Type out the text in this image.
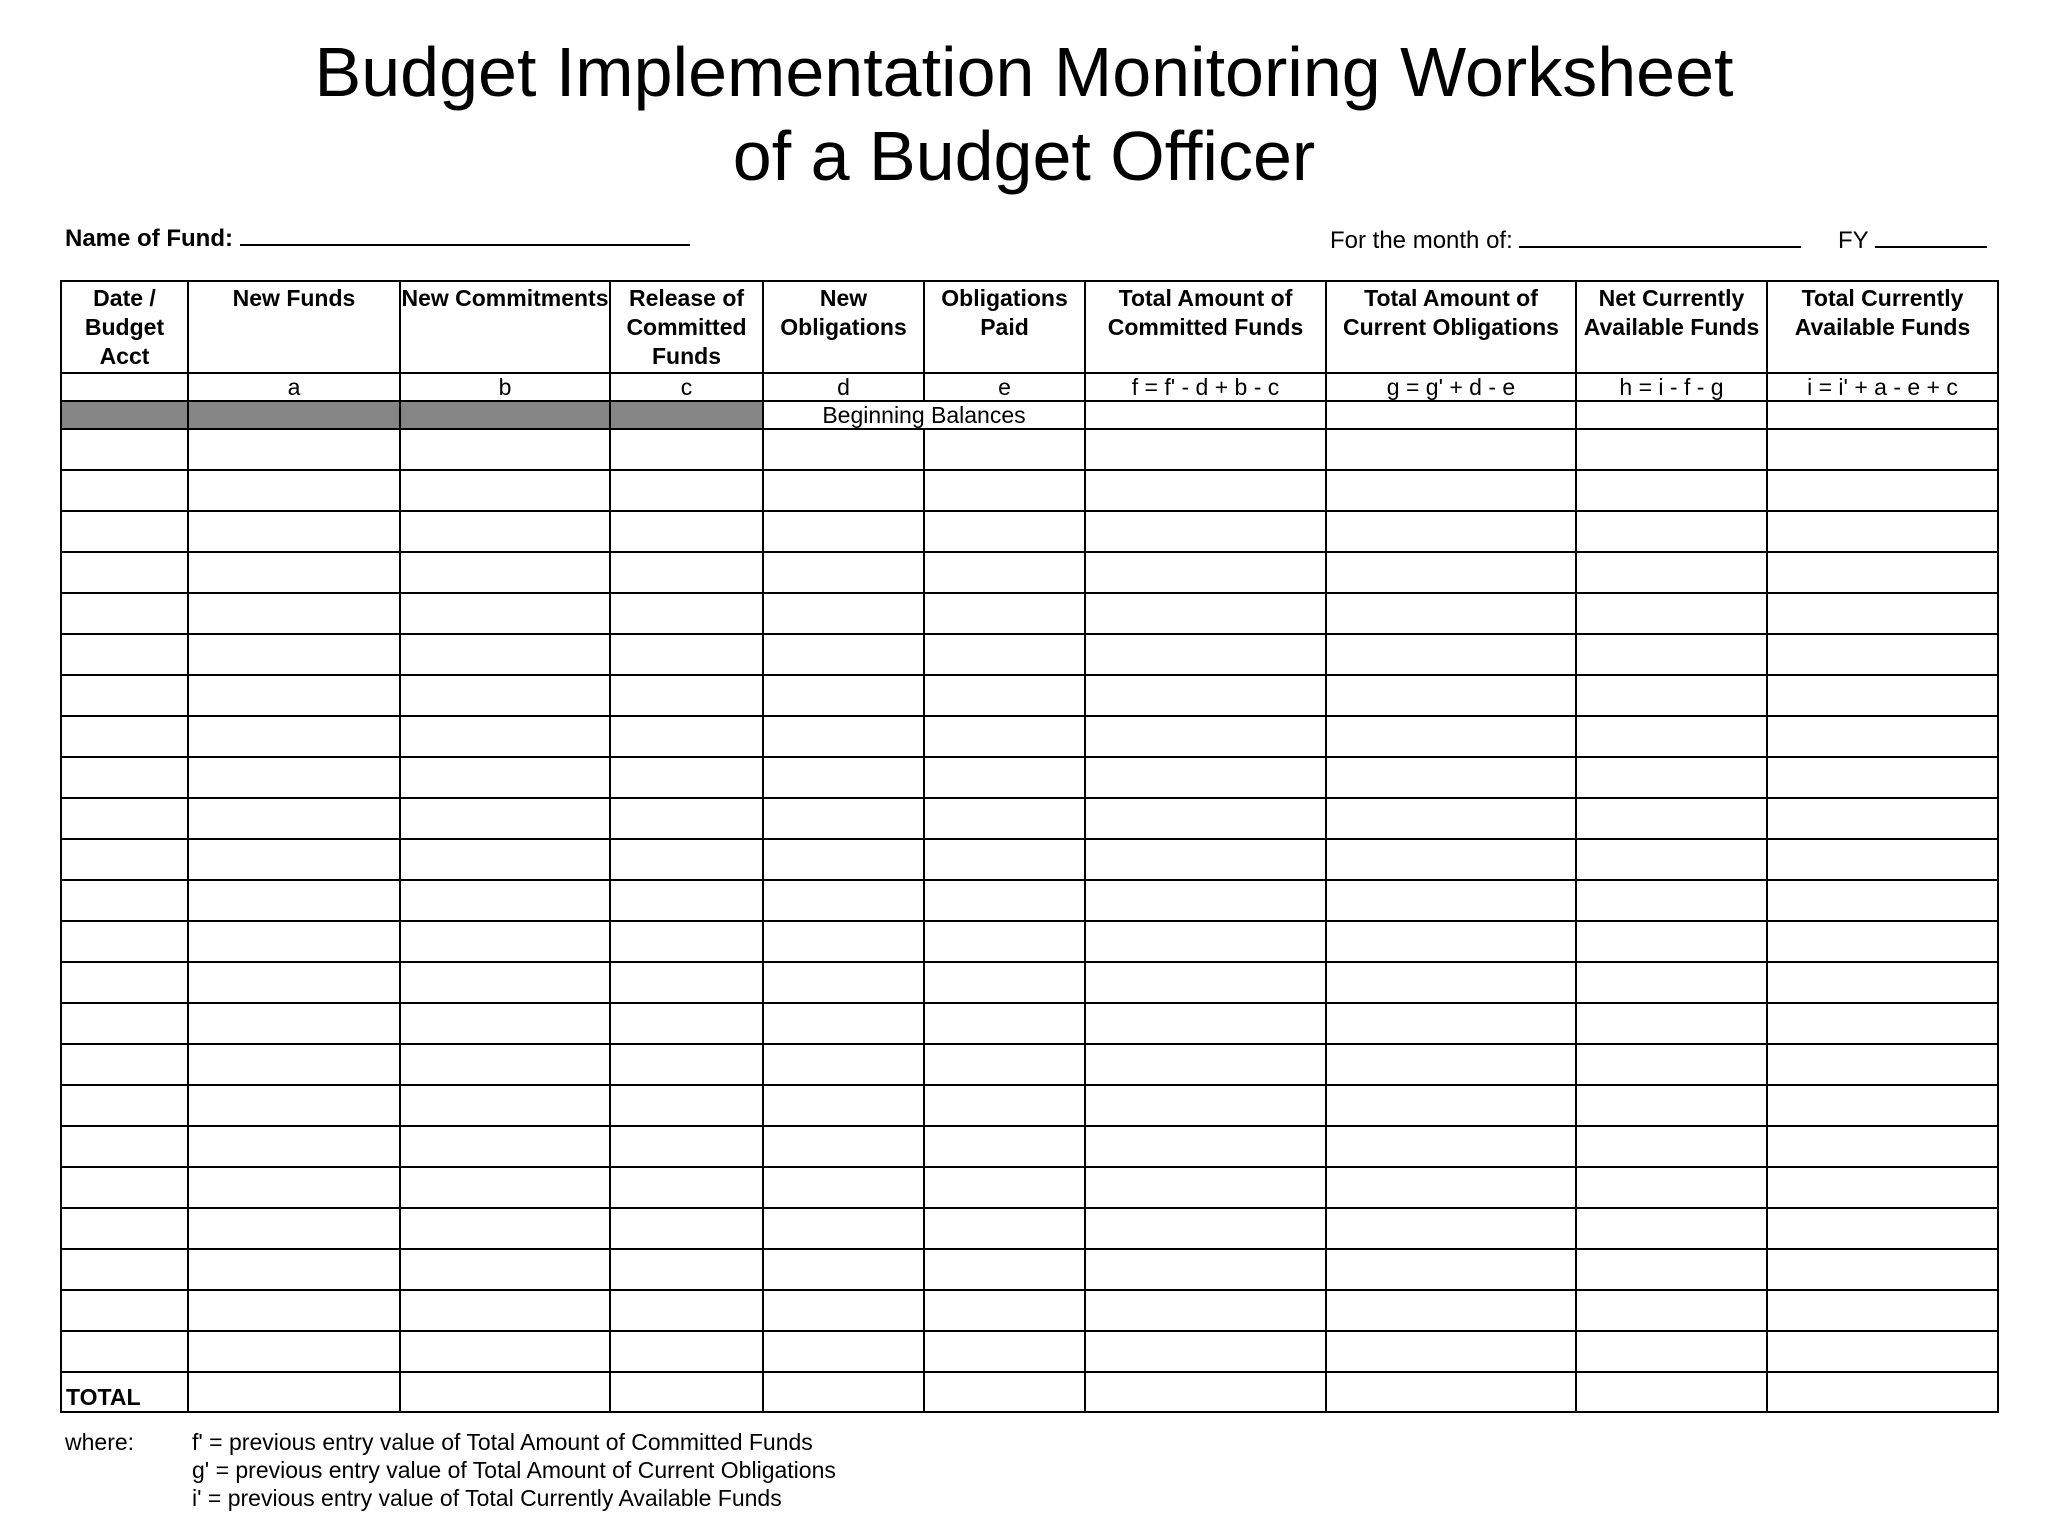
Budget Implementation Monitoring Worksheet
of a Budget Officer
Name of Fund:	For the month of:	FY
Date / Budget Acct	New Funds	New Commitments	Release of Committed Funds	New Obligations	Obligations Paid	Total Amount of Committed Funds	Total Amount of Current Obligations	Net Currently Available Funds	Total Currently Available Funds
	a	b	c	d	e	f = f' - d + b - c	g = g' + d - e	h = i - f - g	i = i' + a - e + c
				Beginning Balances					

TOTAL									
where:	f' = previous entry value of Total Amount of Committed Funds
g' = previous entry value of Total Amount of Current Obligations
i' = previous entry value of Total Currently Available Funds
